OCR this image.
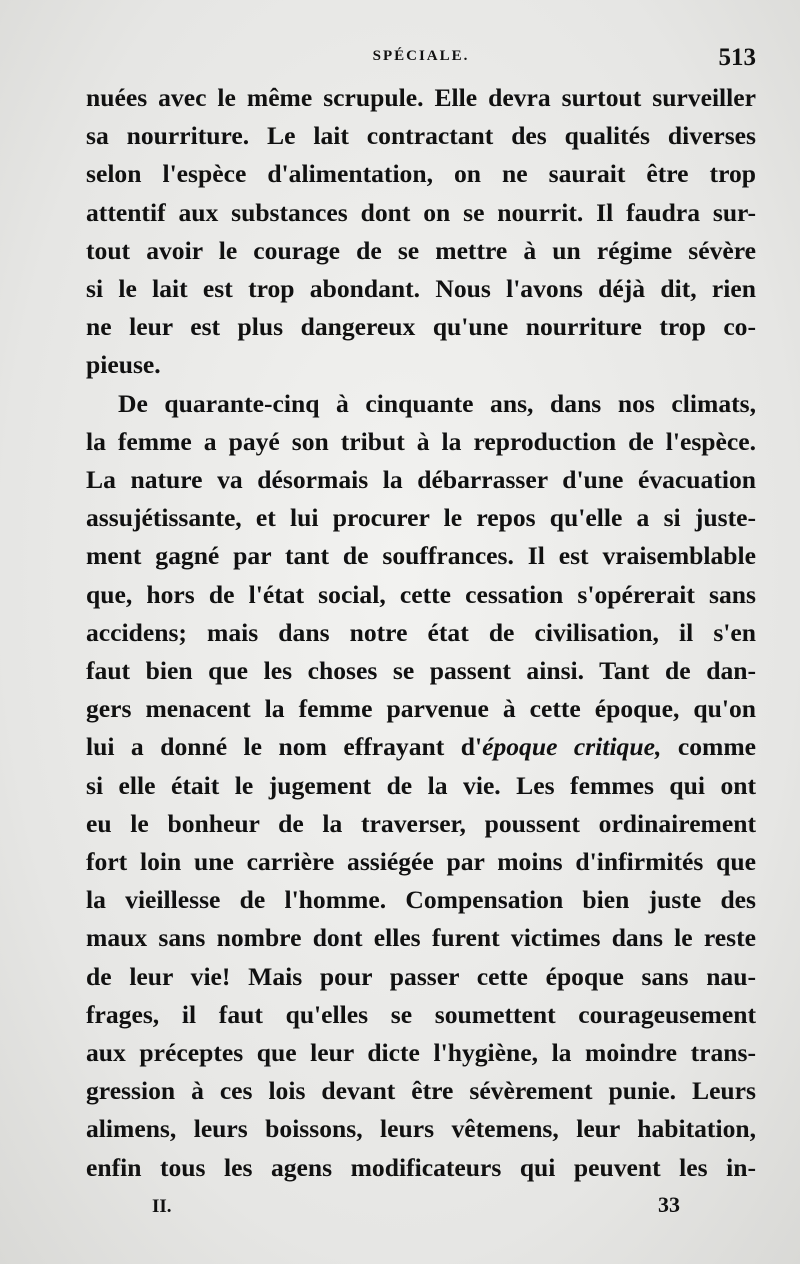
SPÉCIALE.	513
nuées avec le même scrupule. Elle devra surtout surveiller
sa nourriture. Le lait contractant des qualités diverses
selon l'espèce d'alimentation, on ne saurait être trop
attentif aux substances dont on se nourrit. Il faudra sur-
tout avoir le courage de se mettre à un régime sévère
si le lait est trop abondant. Nous l'avons déjà dit, rien
ne leur est plus dangereux qu'une nourriture trop co-
pieuse.
De quarante-cinq à cinquante ans, dans nos climats,
la femme a payé son tribut à la reproduction de l'espèce.
La nature va désormais la débarrasser d'une évacuation
assujétissante, et lui procurer le repos qu'elle a si juste-
ment gagné par tant de souffrances. Il est vraisemblable
que, hors de l'état social, cette cessation s'opérerait sans
accidens; mais dans notre état de civilisation, il s'en
faut bien que les choses se passent ainsi. Tant de dan-
gers menacent la femme parvenue à cette époque, qu'on
lui a donné le nom effrayant d'époque critique, comme
si elle était le jugement de la vie. Les femmes qui ont
eu le bonheur de la traverser, poussent ordinairement
fort loin une carrière assiégée par moins d'infirmités que
la vieillesse de l'homme. Compensation bien juste des
maux sans nombre dont elles furent victimes dans le reste
de leur vie! Mais pour passer cette époque sans nau-
frages, il faut qu'elles se soumettent courageusement
aux préceptes que leur dicte l'hygiène, la moindre trans-
gression à ces lois devant être sévèrement punie. Leurs
alimens, leurs boissons, leurs vêtemens, leur habitation,
enfin tous les agens modificateurs qui peuvent les in-
II.	33
